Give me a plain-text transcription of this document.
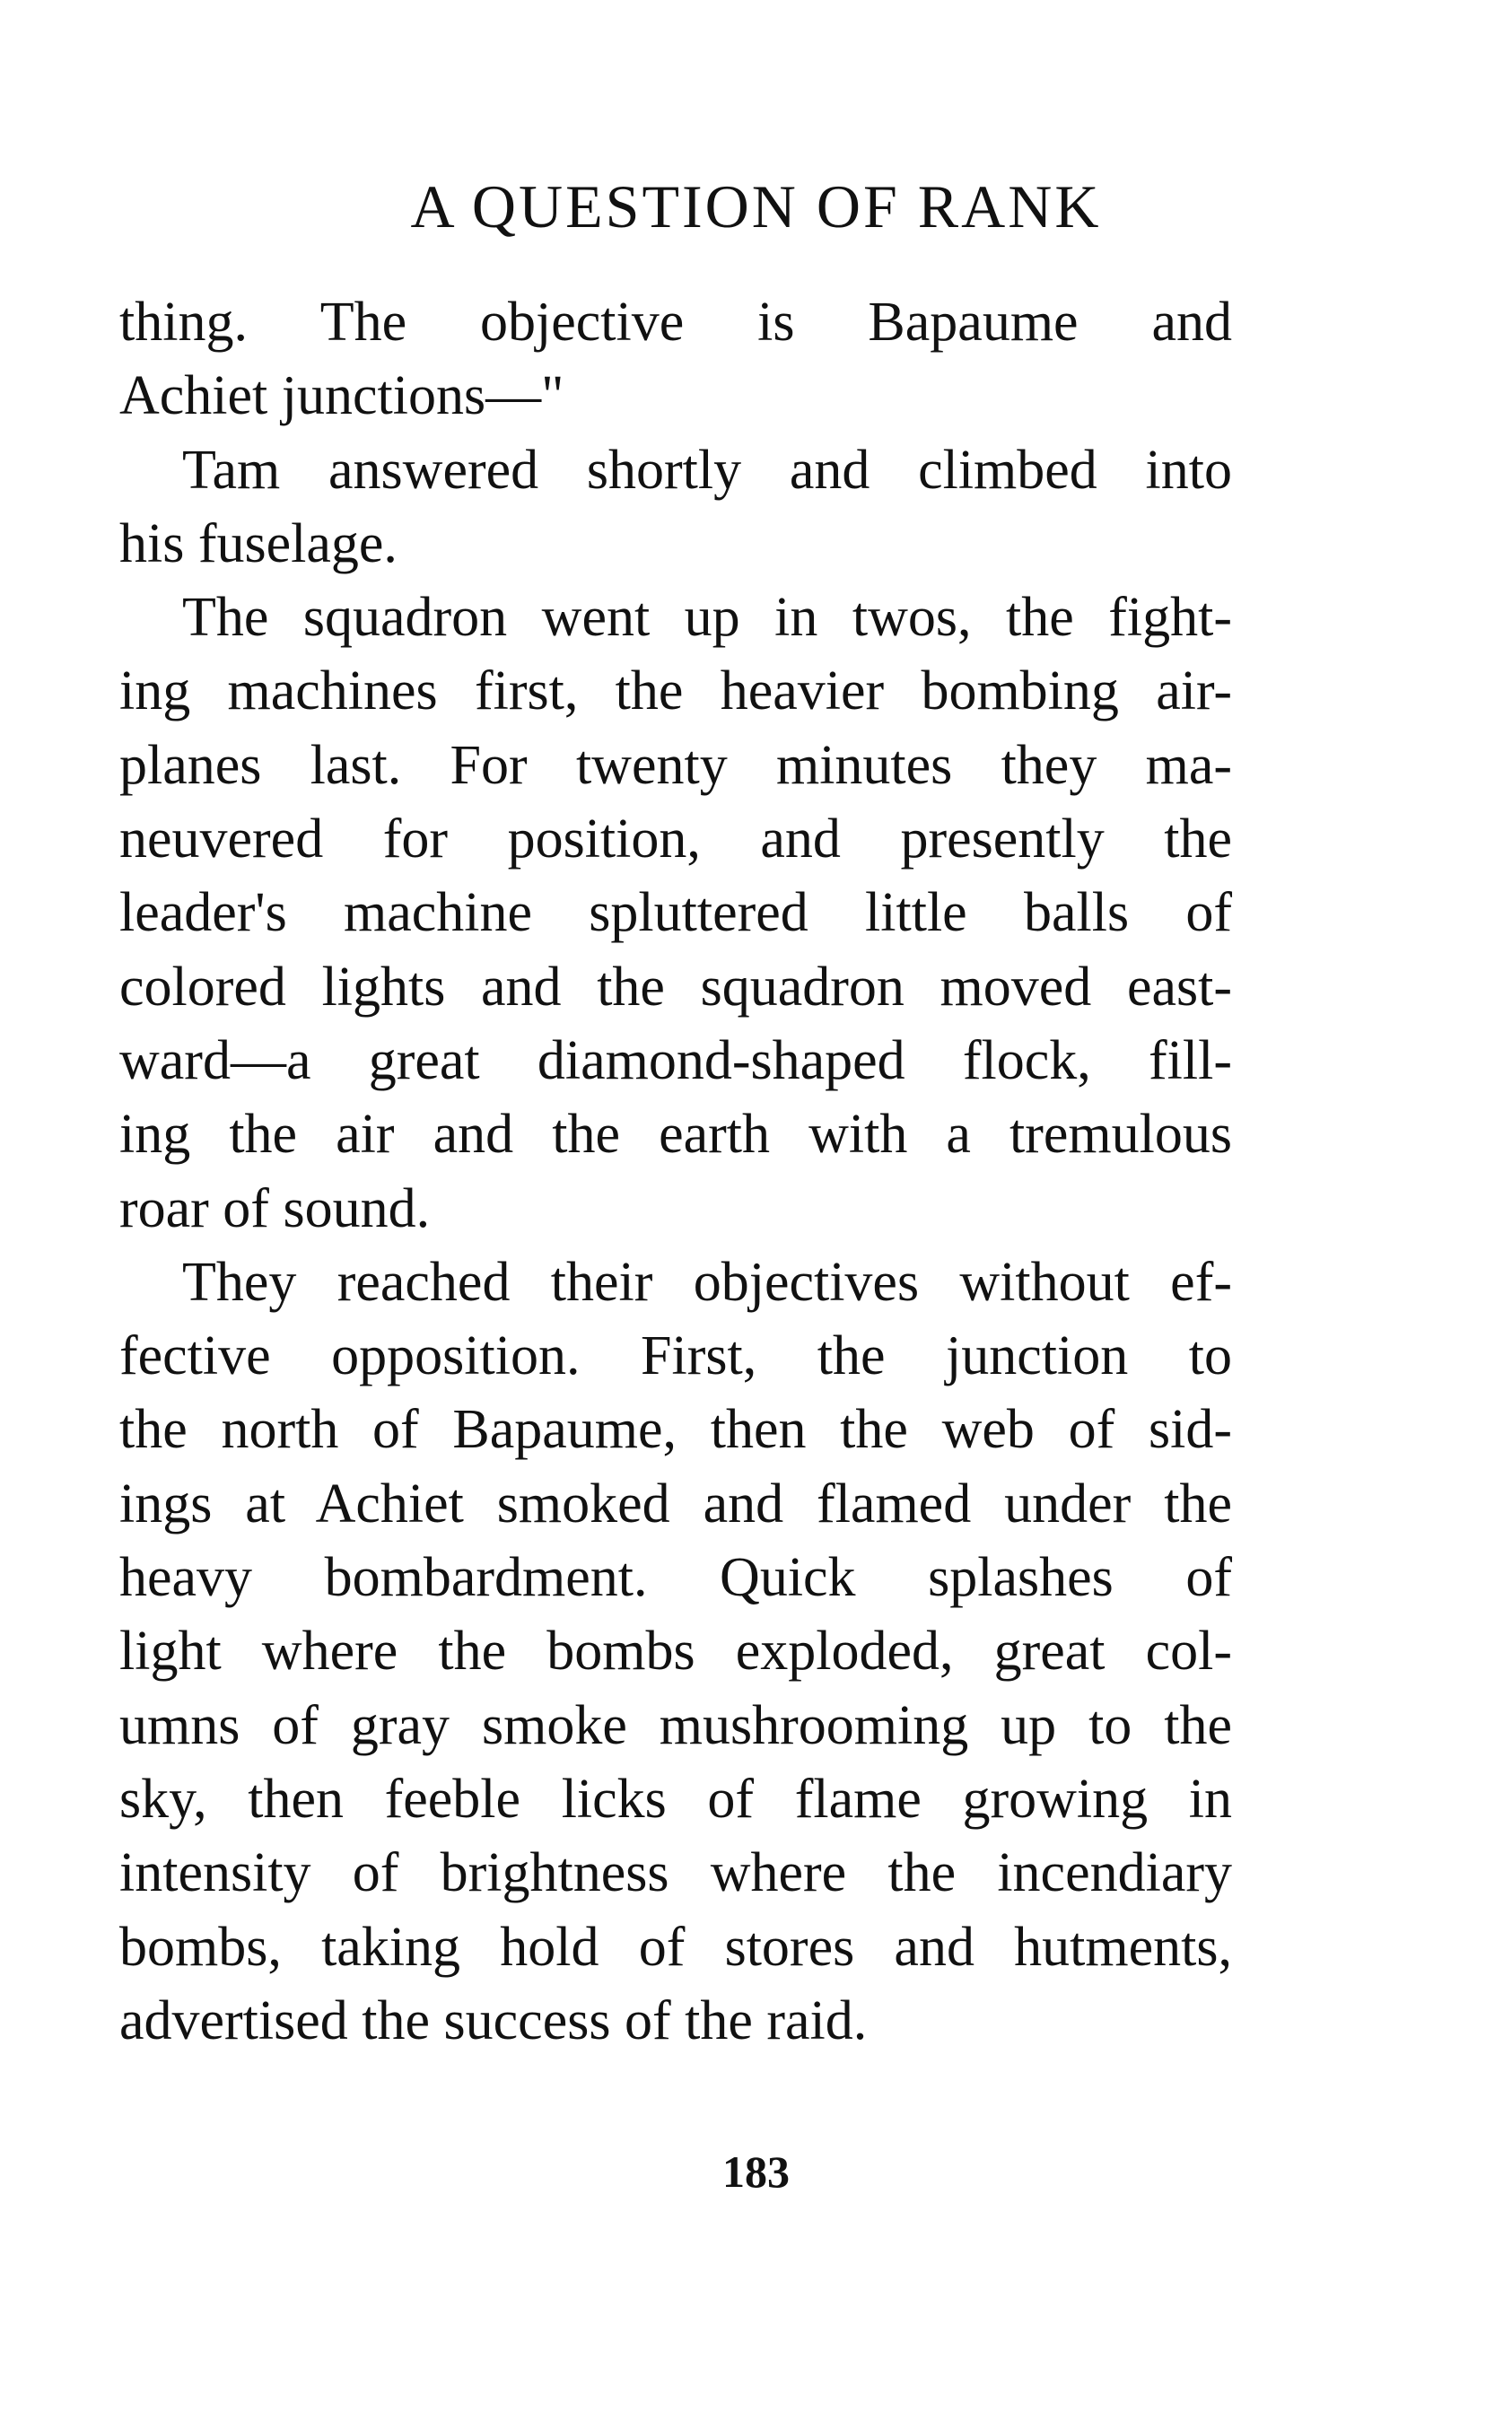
A QUESTION OF RANK
thing. The objective is Bapaume and
Achiet junctions—"
Tam answered shortly and climbed into
his fuselage.
The squadron went up in twos, the fight-
ing machines first, the heavier bombing air-
planes last. For twenty minutes they ma-
neuvered for position, and presently the
leader's machine spluttered little balls of
colored lights and the squadron moved east-
ward—a great diamond-shaped flock, fill-
ing the air and the earth with a tremulous
roar of sound.
They reached their objectives without ef-
fective opposition. First, the junction to
the north of Bapaume, then the web of sid-
ings at Achiet smoked and flamed under the
heavy bombardment. Quick splashes of
light where the bombs exploded, great col-
umns of gray smoke mushrooming up to the
sky, then feeble licks of flame growing in
intensity of brightness where the incendiary
bombs, taking hold of stores and hutments,
advertised the success of the raid.
183
